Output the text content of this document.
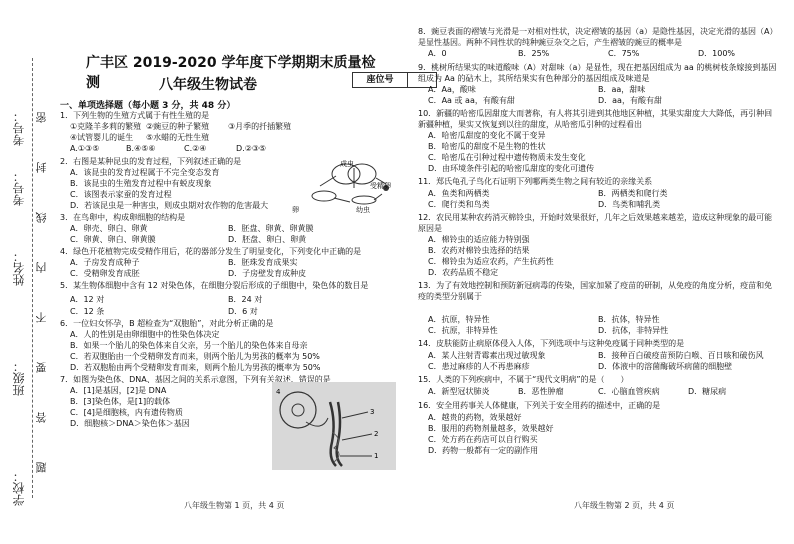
密
封
线
内
不
要
答
题
考号：
考号：
姓名：
班级：
学校：
广丰区 2019-2020 学年度下学期期末质量检测	八年级生物试卷	座位号
一、单项选择题（每小题 3 分，共 48 分）
1．下列生物的生殖方式属于有性生殖的是
①克隆羊多莉的繁殖 ②豌豆的种子繁殖 ③月季的扦插繁殖
④试管婴儿的诞生 ⑤水蜡的无性生殖
A.①③⑤	B.④⑤⑥	C.②④	D.②③⑤
2．右图是某种昆虫的发育过程，下列叙述正确的是
A．该昆虫的发育过程属于不完全变态发育
B．该昆虫的生殖发育过程中有蜕皮现象
C．该图表示家蚕的发育过程
D．若该昆虫是一种害虫，则成虫期对农作物的危害最大	卵
成虫
受精卵
幼虫
3．在鸟卵中，构成卵细胞的结构是
A．卵壳、卵白、卵黄	B．胚盘、卵黄、卵黄膜
C．卵黄、卵白、卵黄膜	D．胚盘、卵白、卵黄
4．绿色开花植物完成受精作用后，花的器部分发生了明显变化，下列变化中正确的是
A．子房发育成种子	B．胚珠发育成果实
C．受精卵发育成胚	D．子房壁发育成种皮
5．某生物体细胞中含有 12 对染色体，在细胞分裂后形成的子细胞中，染色体的数目是
A．12 对	B．24 对
C．12 条	D．6 对
6．一位妇女怀孕，B 超检查为“双胞胎”，对此分析正确的是
A．人的性别是由卵细胞中的性染色体决定
B．如果一个胎儿的染色体来自父亲，另一个胎儿的染色体来自母亲
C．若双胞胎由一个受精卵发育而来，则两个胎儿为男孩的概率为 50%
D．若双胞胎由两个受精卵发育而来，则两个胎儿为男孩的概率为 50%
7．如图为染色体、DNA、基因之间的关系示意图，下列有关叙述，错误的是
A．[1]是基因，[2]是 DNA
B．[3]染色体，是[1]的载体
C．[4]是细胞核，内有遗传物质
D．细胞核＞DNA＞染色体＞基因
4
3
2
1
八年级生物第 1 页，共 4 页
8．豌豆表面的褶皱与光滑是一对相对性状，决定褶皱的基因（a）是隐性基因，决定光滑的基因（A）是显性基因。两种不同性状的纯种豌豆杂交之后，产生褶皱的豌豆的概率是
A．0	B．25%	C．75%	D．100%
9．桃树所结果实的味道酸味（A）对甜味（a）是显性，现在把基因组成为 aa 的桃树枝条嫁接到基因组成为 Aa 的砧木上，其所结果实有色种部分的基因组成及味道是
A．Aa，酸味	B．aa，甜味
C．Aa 或 aa，有酸有甜	D．aa，有酸有甜
10．新疆的哈密瓜因甜度大而著称，有人将其引进到其他地区种植，其果实甜度大大降低，再引种回新疆种植，果实又恢复到以往的甜度，从哈密瓜引种的过程看出
A．哈密瓜甜度的变化不属于变异
B．哈密瓜的甜度不是生物的性状
C．哈密瓜在引种过程中遗传物质未发生变化
D．由环境条件引起的哈密瓜甜度的变化可遗传
11．郑氏龟孔子鸟化石证明下列哪两类生物之间有较近的亲缘关系
A．鱼类和两栖类	B．两栖类和爬行类
C．爬行类和鸟类	D．鸟类和哺乳类
12．农民用某种农药消灭棉铃虫，开始时效果很好，几年之后效果越来越差，造成这种现象的最可能原因是
A．棉铃虫的适应能力特别强
B．农药对棉铃虫选择的结果
C．棉铃虫为适应农药，产生抗药性
D．农药品质不稳定
13．为了有效地控制和预防新冠病毒的传染，国家加紧了疫苗的研制，从免疫的角度分析，疫苗和免疫的类型分别属于
A．抗原，特异性	B．抗体，特异性
C．抗原，非特异性	D．抗体，非特异性
14．皮肤能防止病原体侵入人体，下列选项中与这种免疫属于同种类型的是
A．某人注射青霉素出现过敏现象	B．接种百白破疫苗预防白喉、百日咳和破伤风
C．患过麻疹的人不再患麻疹	D．体液中的溶菌酶破坏病菌的细胞壁
15．人类的下列疾病中，不属于“现代文明病”的是（　　）
A．新型冠状肺炎	B．恶性肿瘤	C．心脑血管疾病	D．糖尿病
16．安全用药事关人体健康，下列关于安全用药的描述中，正确的是
A．越贵的药物，效果越好
B．服用的药物剂量越多，效果越好
C．处方药在药店可以自行购买
D．药物一般都有一定的副作用
八年级生物第 2 页，共 4 页
